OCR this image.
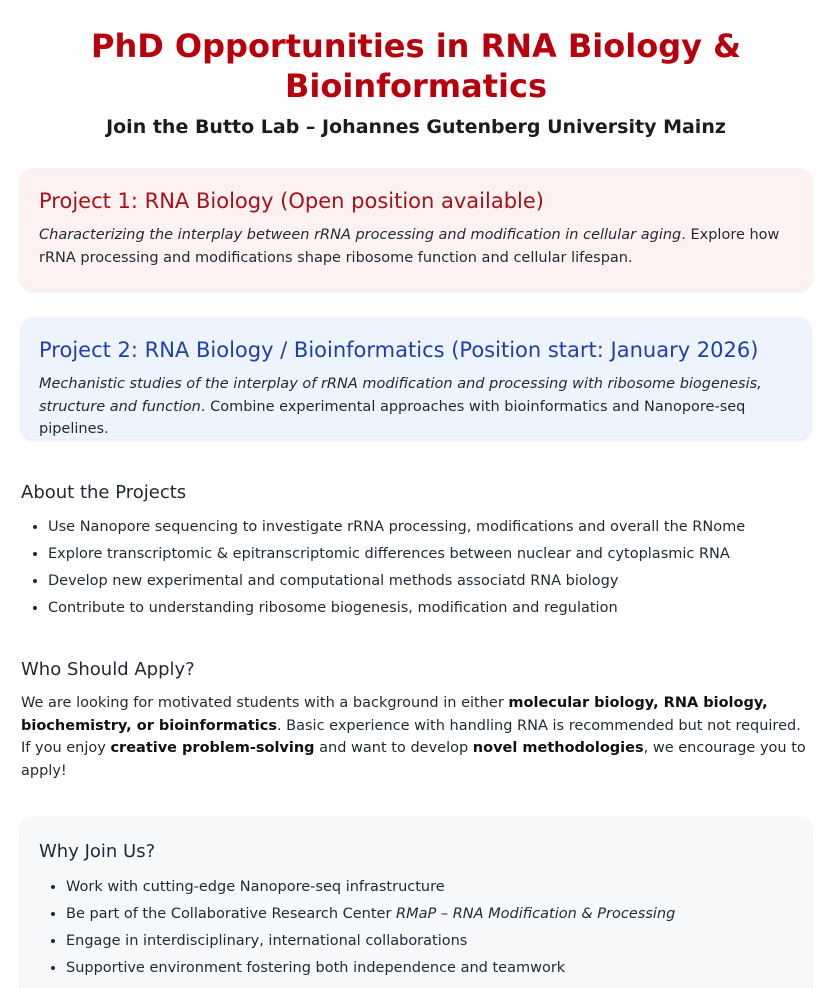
PhD Opportunities in RNA Biology & Bioinformatics
Join the Butto Lab – Johannes Gutenberg University Mainz
Project 1: RNA Biology (Open position available)

Characterizing the interplay between rRNA processing and modification in cellular aging. Explore how rRNA processing and modifications shape ribosome function and cellular lifespan.

Project 2: RNA Biology / Bioinformatics (Position start: January 2026)

Mechanistic studies of the interplay of rRNA modification and processing with ribosome biogenesis, structure and function. Combine experimental approaches with bioinformatics and Nanopore-seq pipelines.

About the Projects
• Use Nanopore sequencing to investigate rRNA processing, modifications and overall the RNome
• Explore transcriptomic & epitranscriptomic differences between nuclear and cytoplasmic RNA
• Develop new experimental and computational methods associatd RNA biology
• Contribute to understanding ribosome biogenesis, modification and regulation
Who Should Apply?

We are looking for motivated students with a background in either molecular biology, RNA biology, biochemistry, or bioinformatics. Basic experience with handling RNA is recommended but not required. If you enjoy creative problem-solving and want to develop novel methodologies, we encourage you to apply!

Why Join Us?
• Work with cutting-edge Nanopore-seq infrastructure
• Be part of the Collaborative Research Center RMaP – RNA Modification & Processing
• Engage in interdisciplinary, international collaborations
• Supportive environment fostering both independence and teamwork
